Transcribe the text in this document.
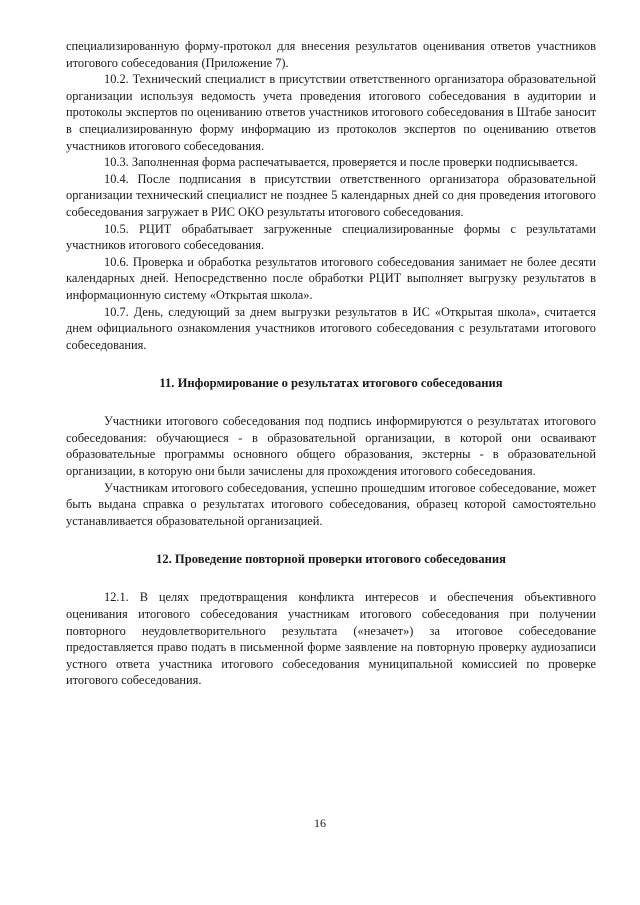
специализированную форму-протокол для внесения результатов оценивания ответов участников итогового собеседования (Приложение 7).

10.2. Технический специалист в присутствии ответственного организатора образовательной организации используя ведомость учета проведения итогового собеседования в аудитории и протоколы экспертов по оцениванию ответов участников итогового собеседования в Штабе заносит в специализированную форму информацию из протоколов экспертов по оцениванию ответов участников итогового собеседования.

10.3. Заполненная форма распечатывается, проверяется и после проверки подписывается.

10.4. После подписания в присутствии ответственного организатора образовательной организации технический специалист не позднее 5 календарных дней со дня проведения итогового собеседования загружает в РИС ОКО результаты итогового собеседования.

10.5. РЦИТ обрабатывает загруженные специализированные формы с результатами участников итогового собеседования.

10.6. Проверка и обработка результатов итогового собеседования занимает не более десяти календарных дней. Непосредственно после обработки РЦИТ выполняет выгрузку результатов в информационную систему «Открытая школа».

10.7. День, следующий за днем выгрузки результатов в ИС «Открытая школа», считается днем официального ознакомления участников итогового собеседования с результатами итогового собеседования.

11. Информирование о результатах итогового собеседования

Участники итогового собеседования под подпись информируются о результатах итогового собеседования: обучающиеся - в образовательной организации, в которой они осваивают образовательные программы основного общего образования, экстерны - в образовательной организации, в которую они были зачислены для прохождения итогового собеседования.

Участникам итогового собеседования, успешно прошедшим итоговое собеседование, может быть выдана справка о результатах итогового собеседования, образец которой самостоятельно устанавливается образовательной организацией.

12. Проведение повторной проверки итогового собеседования

12.1. В целях предотвращения конфликта интересов и обеспечения объективного оценивания итогового собеседования участникам итогового собеседования при получении повторного неудовлетворительного результата («незачет») за итоговое собеседование предоставляется право подать в письменной форме заявление на повторную проверку аудиозаписи устного ответа участника итогового собеседования муниципальной комиссией по проверке итогового собеседования.

16
